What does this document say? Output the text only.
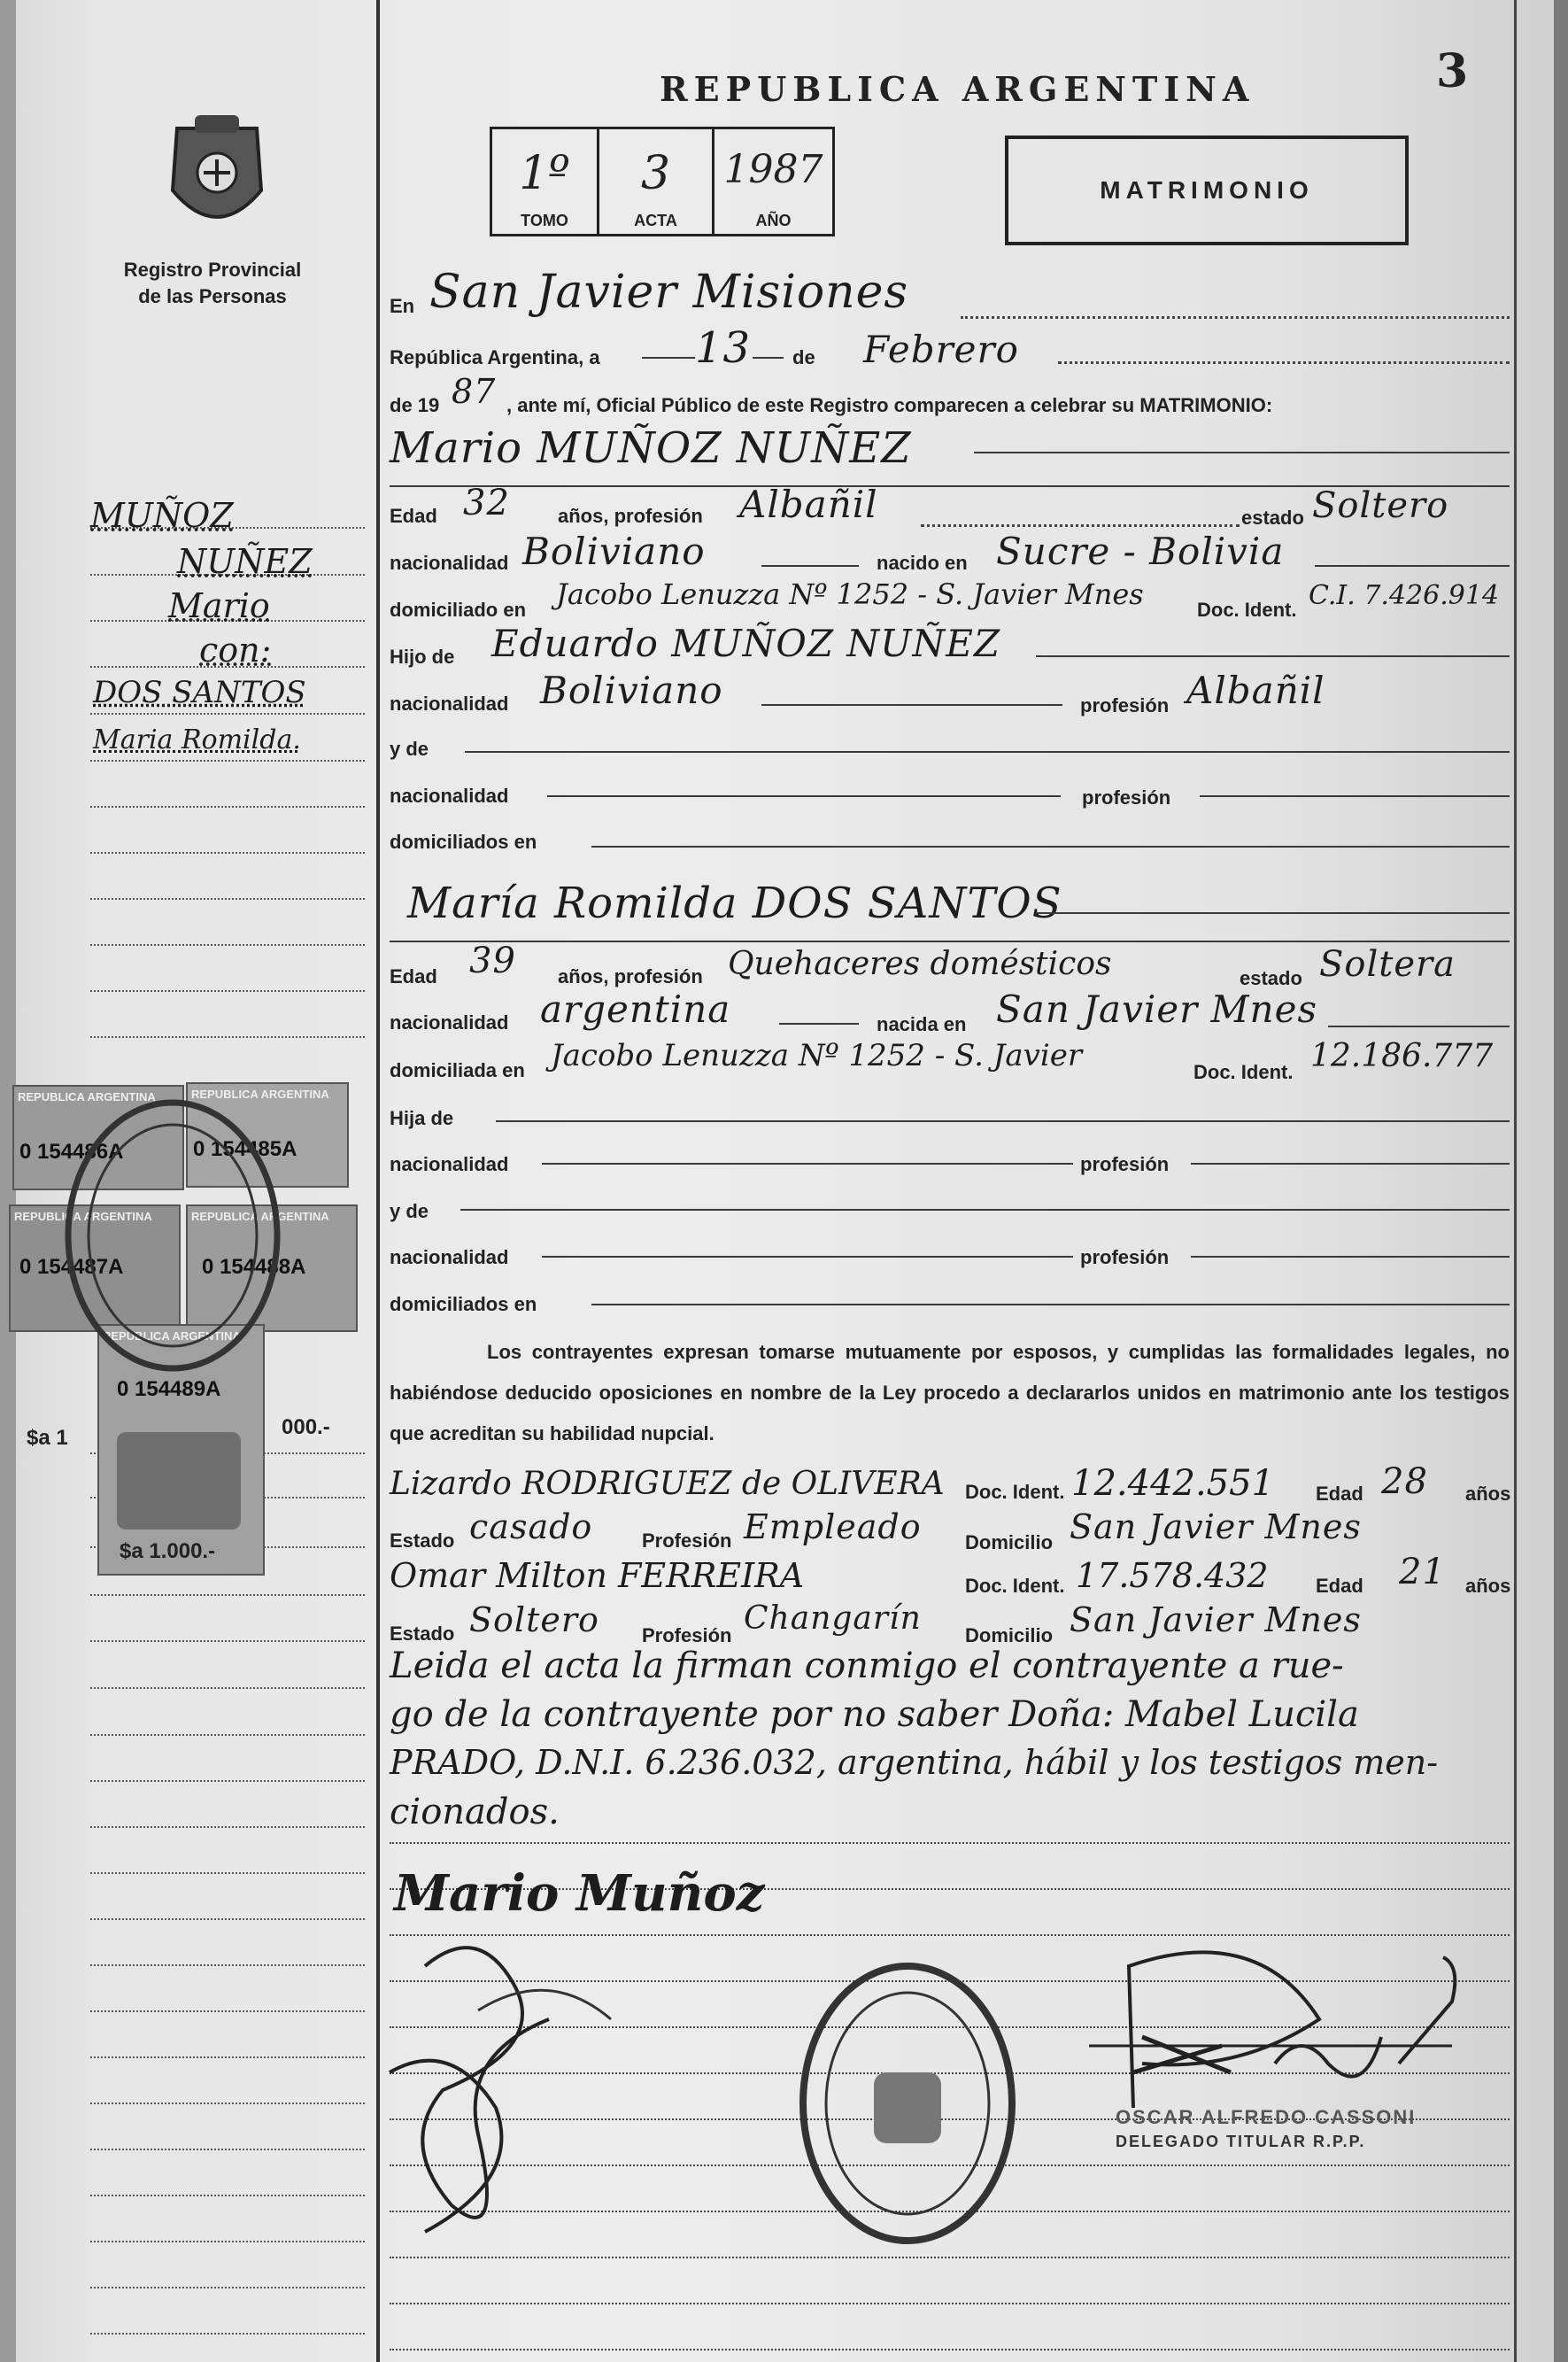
REPUBLICA ARGENTINA	3
1º
TOMO
3
ACTA
1987
AÑO
MATRIMONIO
Registro Provincial
de las Personas
MUÑOZ
NUÑEZ
Mario
con:
DOS SANTOS
Maria Romilda.
REPUBLICA ARGENTINA
0 154486A
REPUBLICA ARGENTINA
0 154485A
REPUBLICA ARGENTINA
0 154487A
REPUBLICA ARGENTINA
0 154488A
REPUBLICA ARGENTINA
0 154489A
$a 1	000.-
$a 1.000.-
En San Javier Misiones
República Argentina, a 13 de Febrero
de 19 87 , ante mí, Oficial Público de este Registro comparecen a celebrar su MATRIMONIO:
Mario MUÑOZ NUÑEZ
Edad 32 años, profesión Albañil	estado Soltero
nacionalidad Boliviano	nacido en Sucre - Bolivia
domiciliado en Jacobo Lenuzza Nº 1252 - S. Javier Mnes	Doc. Ident. C.I. 7.426.914
Hijo de Eduardo MUÑOZ NUÑEZ
nacionalidad Boliviano	profesión Albañil
y de
nacionalidad	profesión
domiciliados en
María Romilda DOS SANTOS
Edad 39 años, profesión Quehaceres domésticos	estado Soltera
nacionalidad argentina	nacida en San Javier Mnes
domiciliada en Jacobo Lenuzza Nº 1252 - S. Javier	Doc. Ident. 12.186.777
Hija de
nacionalidad	profesión
y de
nacionalidad	profesión
domiciliados en
Los contrayentes expresan tomarse mutuamente por esposos, y cumplidas las formalidades legales, no habiéndose deducido oposiciones en nombre de la Ley procedo a declararlos unidos en matrimonio ante los testigos que acreditan su habilidad nupcial.
Lizardo RODRIGUEZ de OLIVERA Doc. Ident. 12.442.551 Edad 28 años
Estado casado	Profesión Empleado Domicilio San Javier Mnes
Omar Milton FERREIRA	Doc. Ident. 17.578.432 Edad 21 años
Estado Soltero Profesión Changarín Domicilio San Javier Mnes
Leida el acta la firman conmigo el contrayente a rue-
go de la contrayente por no saber Doña: Mabel Lucila
PRADO, D.N.I. 6.236.032, argentina, hábil y los testigos men-
cionados.
Mario Muñoz
OSCAR ALFREDO CASSONI
DELEGADO TITULAR R.P.P.
